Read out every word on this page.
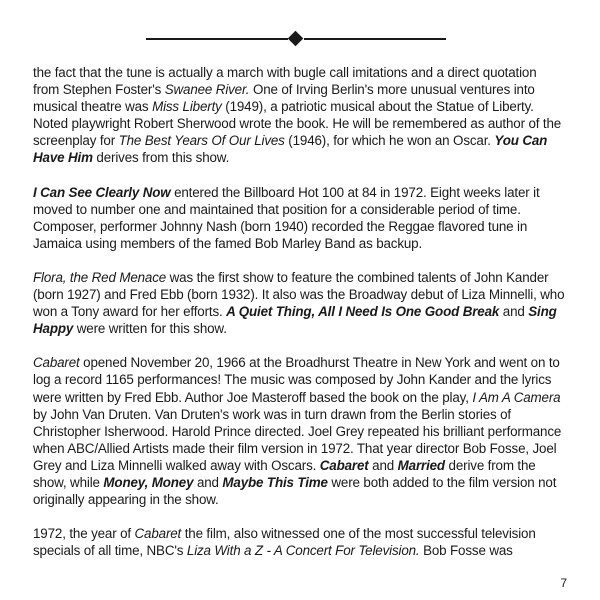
the fact that the tune is actually a march with bugle call imitations and a direct quotation from Stephen Foster's Swanee River. One of Irving Berlin's more unusual ventures into musical theatre was Miss Liberty (1949), a patriotic musical about the Statue of Liberty. Noted playwright Robert Sherwood wrote the book. He will be remembered as author of the screenplay for The Best Years Of Our Lives (1946), for which he won an Oscar. You Can Have Him derives from this show.

I Can See Clearly Now entered the Billboard Hot 100 at 84 in 1972. Eight weeks later it moved to number one and maintained that position for a considerable period of time. Composer, performer Johnny Nash (born 1940) recorded the Reggae flavored tune in Jamaica using members of the famed Bob Marley Band as backup.

Flora, the Red Menace was the first show to feature the combined talents of John Kander (born 1927) and Fred Ebb (born 1932). It also was the Broadway debut of Liza Minnelli, who won a Tony award for her efforts. A Quiet Thing, All I Need Is One Good Break and Sing Happy were written for this show.

Cabaret opened November 20, 1966 at the Broadhurst Theatre in New York and went on to log a record 1165 performances! The music was composed by John Kander and the lyrics were written by Fred Ebb. Author Joe Masteroff based the book on the play, I Am A Camera by John Van Druten. Van Druten's work was in turn drawn from the Berlin stories of Christopher Isherwood. Harold Prince directed. Joel Grey repeated his brilliant performance when ABC/Allied Artists made their film version in 1972. That year director Bob Fosse, Joel Grey and Liza Minnelli walked away with Oscars. Cabaret and Married derive from the show, while Money, Money and Maybe This Time were both added to the film version not originally appearing in the show.

1972, the year of Cabaret the film, also witnessed one of the most successful television specials of all time, NBC's Liza With a Z - A Concert For Television. Bob Fosse was

7
